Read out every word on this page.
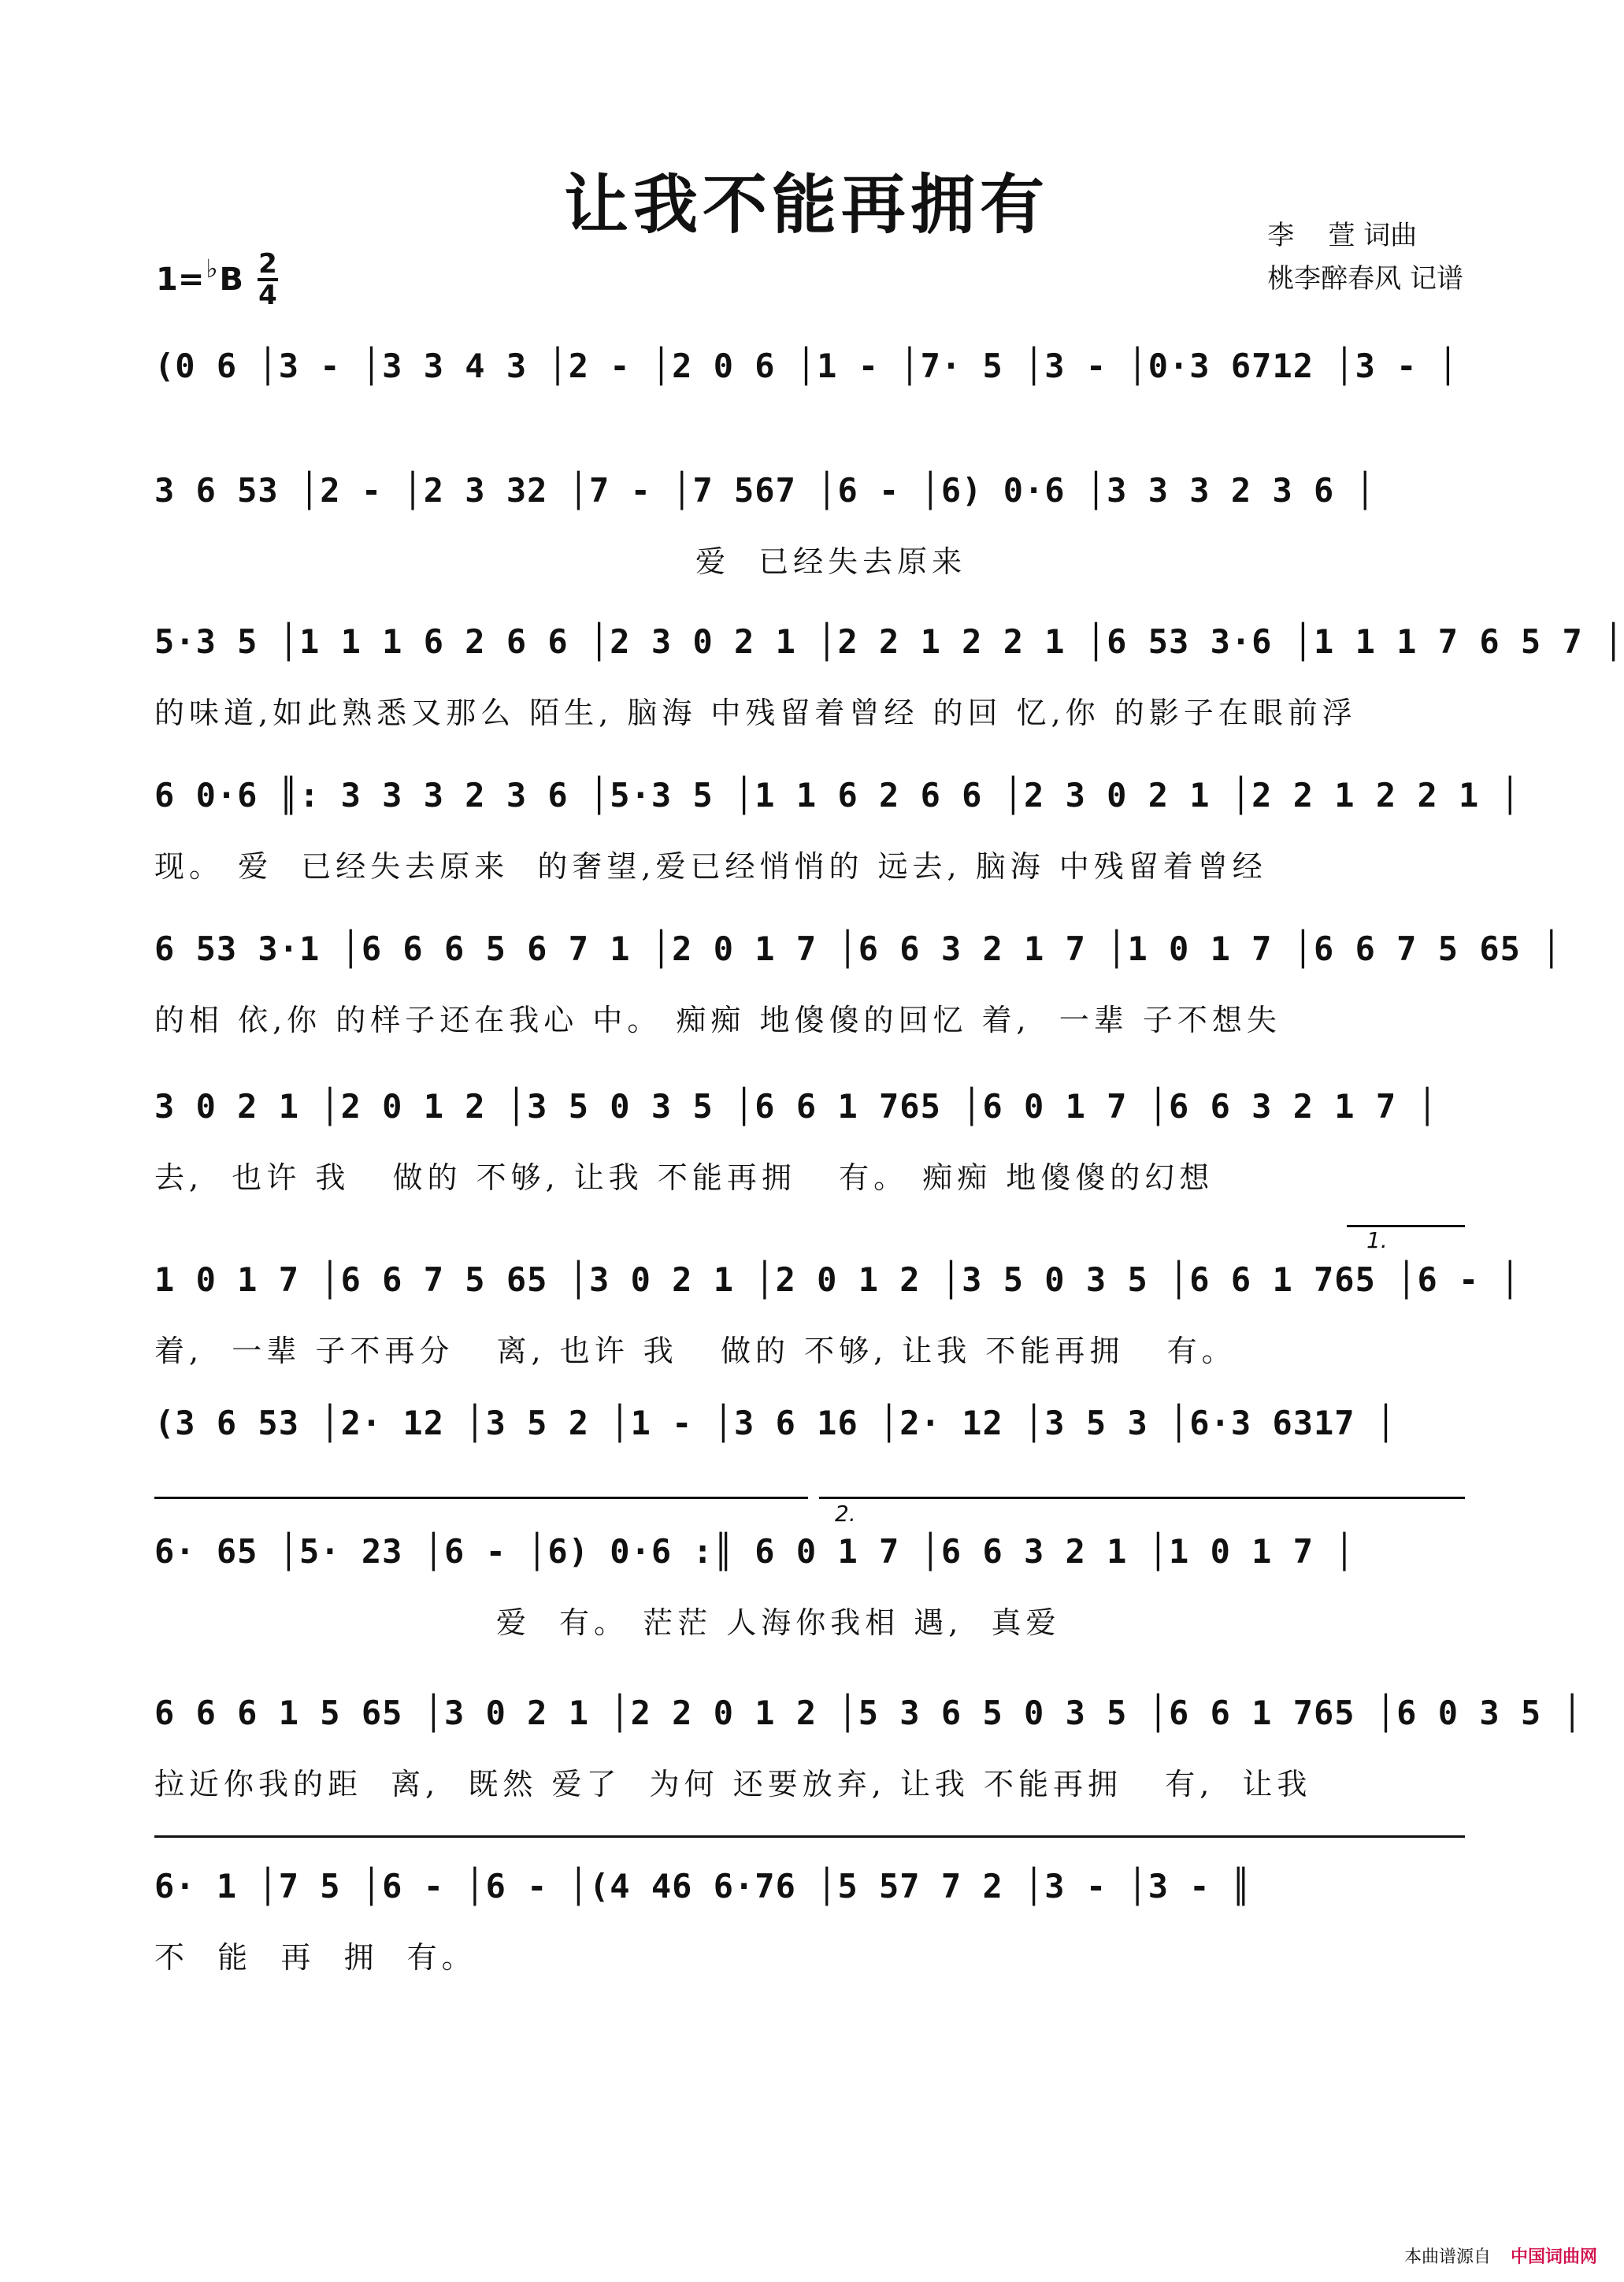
让我不能再拥有	李    萱 词曲
桃李醉春风 记谱
1= ♭ B $\frac{2}{4}$
(0 6 │3 - │3 3 4 3 │2 - │2 0 6 │1 - │7· 5 │3 - │0·3 6712 │3 - │
3 6 53 │2 - │2 3 32 │7 - │7 567 │6 - │6) 0·6 │3 3 3 2 3 6 │
爱  已经失去原来
5·3 5 │1 1 1 6 2 6 6 │2 3 0 2 1 │2 2 1 2 2 1 │6 53 3·6 │1 1 1 7 6 5 7 │
的味道,如此熟悉又那么 陌生, 脑海 中残留着曾经 的回 忆,你 的影子在眼前浮
6 0·6 ║: 3 3 3 2 3 6 │5·3 5 │1 1 6 2 6 6 │2 3 0 2 1 │2 2 1 2 2 1 │
现。 爱  已经失去原来  的奢望,爱已经悄悄的 远去, 脑海 中残留着曾经
6 53 3·1 │6 6 6 5 6 7 1 │2 0 1 7 │6 6 3 2 1 7 │1 0 1 7 │6 6 7 5 65 │
的相 依,你 的样子还在我心 中。 痴痴 地傻傻的回忆 着,  一辈 子不想失
3 0 2 1 │2 0 1 2 │3 5 0 3 5 │6 6 1 765 │6 0 1 7 │6 6 3 2 1 7 │
去,  也许 我   做的 不够, 让我 不能再拥   有。 痴痴 地傻傻的幻想
1.
1 0 1 7 │6 6 7 5 65 │3 0 2 1 │2 0 1 2 │3 5 0 3 5 │6 6 1 765 │6 - │
着,  一辈 子不再分   离, 也许 我   做的 不够, 让我 不能再拥   有。
(3 6 53 │2· 12 │3 5 2 │1 - │3 6 16 │2· 12 │3 5 3 │6·3 6317 │
2.
6· 65 │5· 23 │6 - │6) 0·6 :║ 6 0 1 7 │6 6 3 2 1 │1 0 1 7 │
爱  有。 茫茫 人海你我相 遇,  真爱
6 6 6 1 5 65 │3 0 2 1 │2 2 0 1 2 │5 3 6 5 0 3 5 │6 6 1 765 │6 0 3 5 │
拉近你我的距  离,  既然 爱了  为何 还要放弃, 让我 不能再拥   有,  让我
6· 1 │7 5 │6 - │6 - │(4 46 6·76 │5 57 7 2 │3 - │3 - ║
不  能  再  拥  有。
本曲谱源自 中国词曲网
